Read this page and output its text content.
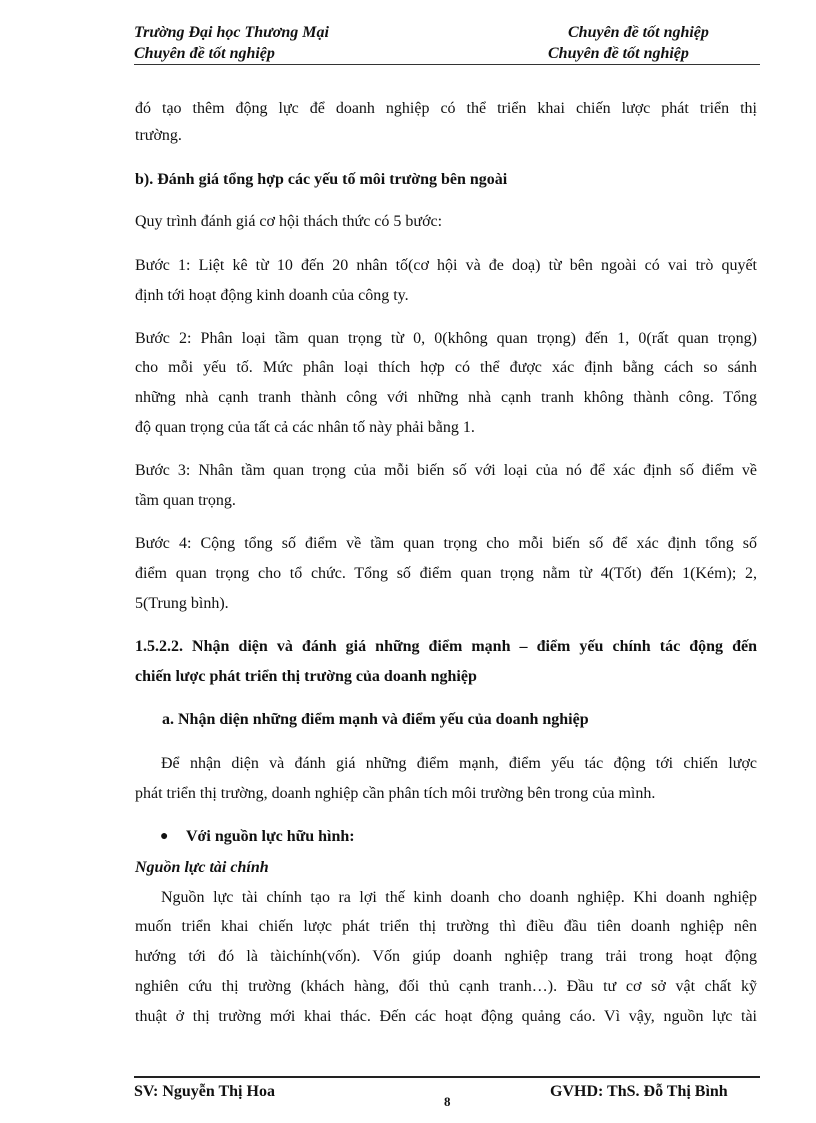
Trường Đại học Thương Mại
Chuyên đề tốt nghiệp
Chuyên đề tốt nghiệp
Chuyên đề tốt nghiệp
đó tạo thêm động lực để doanh nghiệp có thể triển khai chiến lược phát triển thị
trường.
b). Đánh giá tổng hợp các yếu tố môi trường bên ngoài
Quy trình đánh giá cơ hội thách thức có 5 bước:
Bước 1: Liệt kê từ 10 đến 20 nhân tố(cơ hội và đe doạ) từ bên ngoài có vai trò quyết
định tới hoạt động kinh doanh của công ty.
Bước 2: Phân loại tầm quan trọng từ 0, 0(không quan trọng) đến 1, 0(rất quan trọng)
cho mỗi yếu tố. Mức phân loại thích hợp có thể được xác định bằng cách so sánh
những nhà cạnh tranh thành công với những nhà cạnh tranh không thành công. Tổng
độ quan trọng của tất cả các nhân tố này phải bằng 1.
Bước 3: Nhân tầm quan trọng của mỗi biến số với loại của nó để xác định số điểm về
tầm quan trọng.
Bước 4: Cộng tổng số điểm về tầm quan trọng cho mỗi biến số để xác định tổng số
điểm quan trọng cho tổ chức. Tổng số điểm quan trọng nằm từ 4(Tốt) đến 1(Kém); 2,
5(Trung bình).
1.5.2.2. Nhận diện và đánh giá những điểm mạnh – điểm yếu chính tác động đến
chiến lược phát triển thị trường của doanh nghiệp
a. Nhận diện những điểm mạnh và điểm yếu của doanh nghiệp
Để nhận diện và đánh giá những điểm mạnh, điểm yếu tác động tới chiến lược
phát triển thị trường, doanh nghiệp cần phân tích môi trường bên trong của mình.
● Với nguồn lực hữu hình:
Nguồn lực tài chính
Nguồn lực tài chính tạo ra lợi thế kinh doanh cho doanh nghiệp. Khi doanh nghiệp
muốn triển khai chiến lược phát triển thị trường thì điều đầu tiên doanh nghiệp nên
hướng tới đó là tàichính(vốn). Vốn giúp doanh nghiệp trang trải trong hoạt động
nghiên cứu thị trường (khách hàng, đối thủ cạnh tranh…). Đầu tư cơ sở vật chất kỹ
thuật ở thị trường mới khai thác. Đến các hoạt động quảng cáo. Vì vậy, nguồn lực tài
SV: Nguyễn Thị Hoa
8
GVHD: ThS. Đỗ Thị Bình
